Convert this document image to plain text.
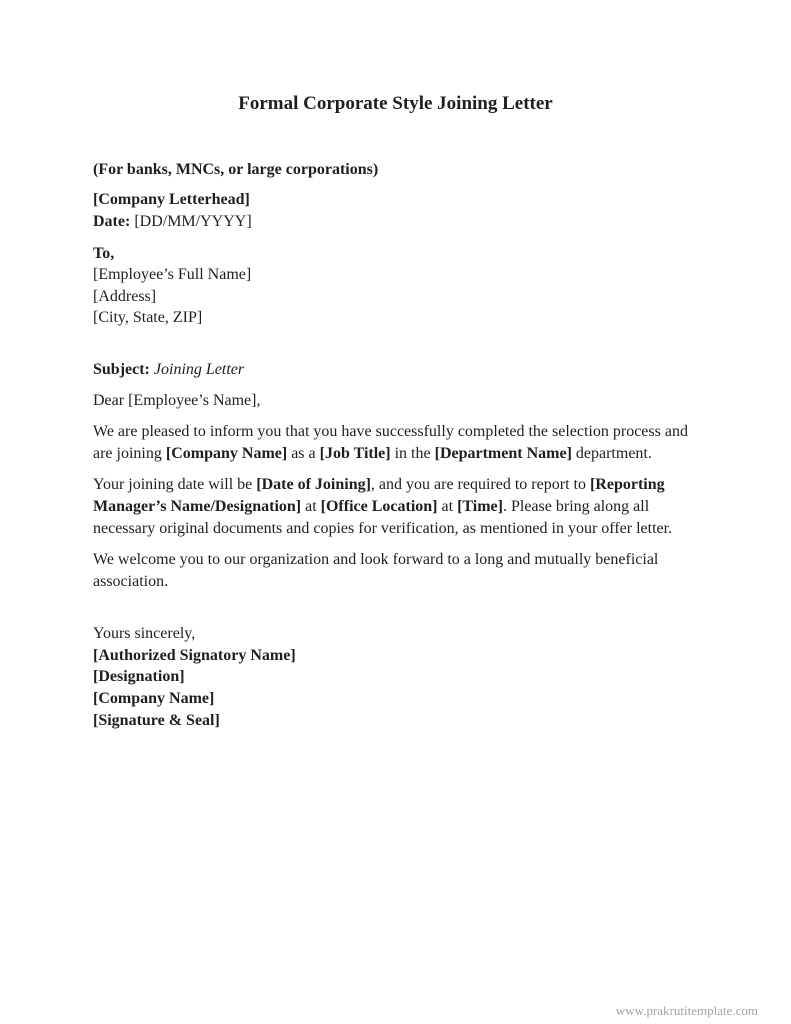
Formal Corporate Style Joining Letter

(For banks, MNCs, or large corporations)

[Company Letterhead]
Date: [DD/MM/YYYY]

To,
[Employee’s Full Name]
[Address]
[City, State, ZIP]

Subject: Joining Letter

Dear [Employee’s Name],

We are pleased to inform you that you have successfully completed the selection process and are joining [Company Name] as a [Job Title] in the [Department Name] department.

Your joining date will be [Date of Joining], and you are required to report to [Reporting Manager’s Name/Designation] at [Office Location] at [Time]. Please bring along all necessary original documents and copies for verification, as mentioned in your offer letter.

We welcome you to our organization and look forward to a long and mutually beneficial association.

Yours sincerely,
[Authorized Signatory Name]
[Designation]
[Company Name]
[Signature & Seal]

www.prakrutitemplate.com
